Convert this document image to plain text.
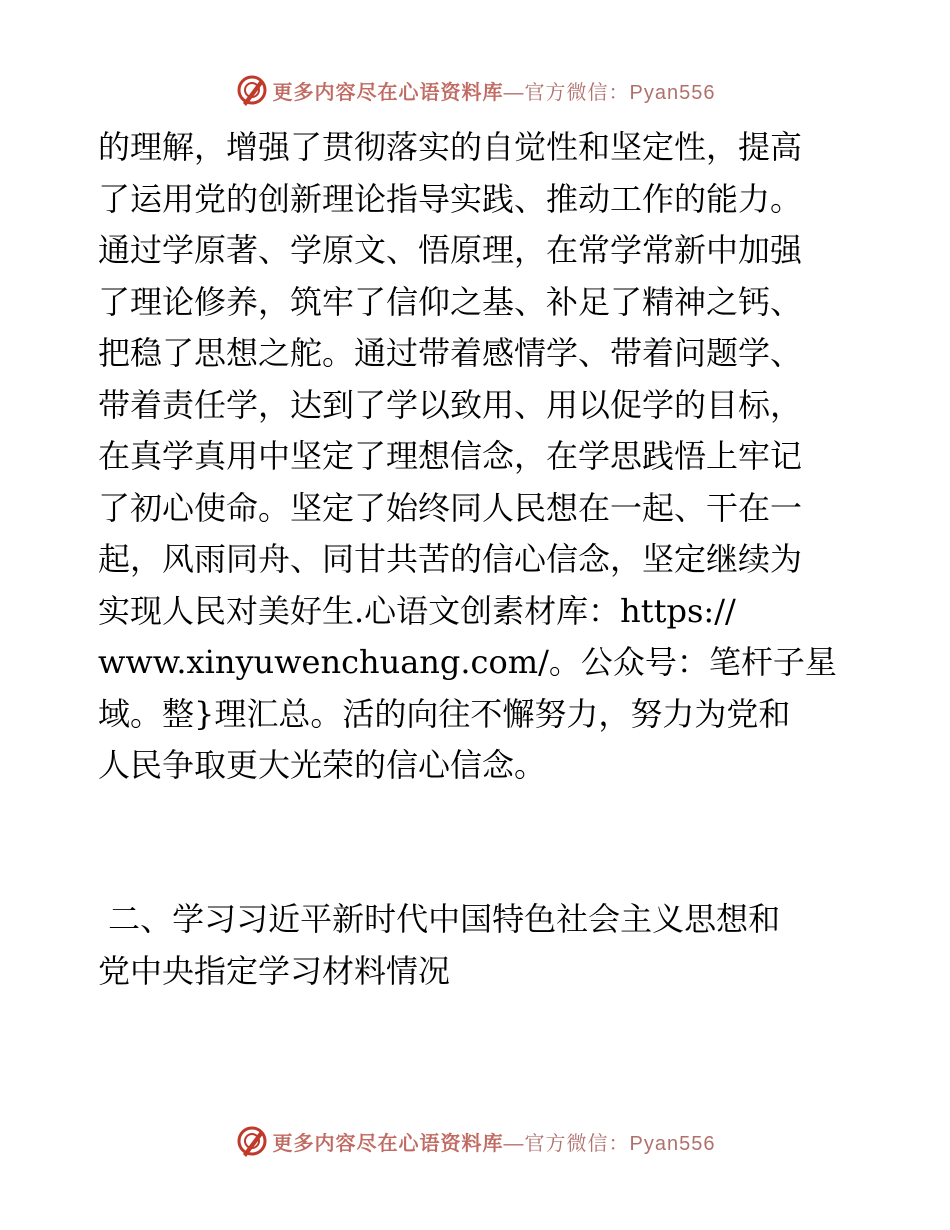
更多内容尽在心语资料库—官方微信：Pyan556
的理解，增强了贯彻落实的自觉性和坚定性，提高
了运用党的创新理论指导实践、推动工作的能力。
通过学原著、学原文、悟原理，在常学常新中加强
了理论修养，筑牢了信仰之基、补足了精神之钙、
把稳了思想之舵。通过带着感情学、带着问题学、
带着责任学，达到了学以致用、用以促学的目标，
在真学真用中坚定了理想信念，在学思践悟上牢记
了初心使命。坚定了始终同人民想在一起、干在一
起，风雨同舟、同甘共苦的信心信念，坚定继续为
实现人民对美好生.心语文创素材库：https://
www.xinyuwenchuang.com/。公众号：笔杆子星
域。整}理汇总。活的向往不懈努力，努力为党和
人民争取更大光荣的信心信念。
二、学习习近平新时代中国特色社会主义思想和
党中央指定学习材料情况
更多内容尽在心语资料库—官方微信：Pyan556
